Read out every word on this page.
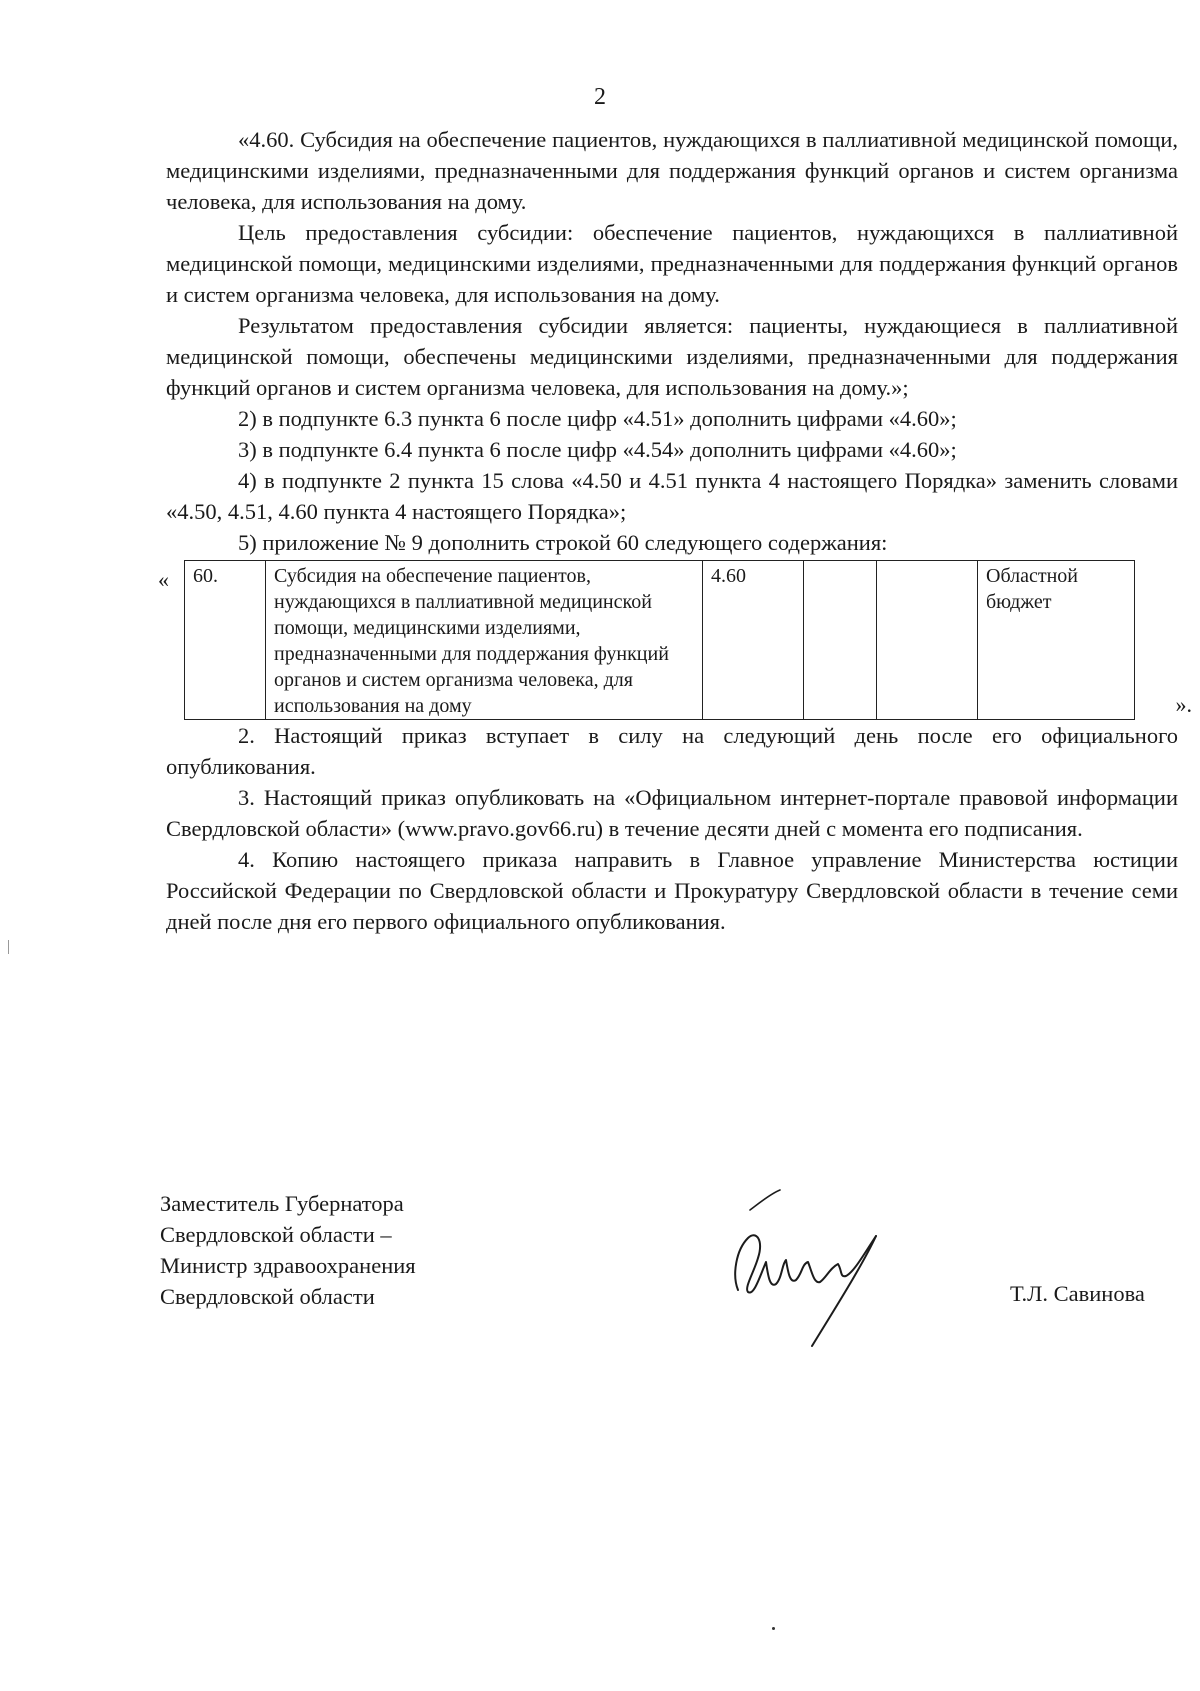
2

«4.60. Субсидия на обеспечение пациентов, нуждающихся в паллиативной медицинской помощи, медицинскими изделиями, предназначенными для поддержания функций органов и систем организма человека, для использования на дому.

Цель предоставления субсидии: обеспечение пациентов, нуждающихся в паллиативной медицинской помощи, медицинскими изделиями, предназначенными для поддержания функций органов и систем организма человека, для использования на дому.

Результатом предоставления субсидии является: пациенты, нуждающиеся в паллиативной медицинской помощи, обеспечены медицинскими изделиями, предназначенными для поддержания функций органов и систем организма человека, для использования на дому.»;

2) в подпункте 6.3 пункта 6 после цифр «4.51» дополнить цифрами «4.60»;

3) в подпункте 6.4 пункта 6 после цифр «4.54» дополнить цифрами «4.60»;

4) в подпункте 2 пункта 15 слова «4.50 и 4.51 пункта 4 настоящего Порядка» заменить словами «4.50, 4.51, 4.60 пункта 4 настоящего Порядка»;

5) приложение № 9 дополнить строкой 60 следующего содержания:

« 60.	Субсидия на обеспечение пациентов, нуждающихся в паллиативной медицинской помощи, медицинскими изделиями, предназначенными для поддержания функций органов и систем организма человека, для использования на дому	4.60			Областной бюджет
».

2. Настоящий приказ вступает в силу на следующий день после его официального опубликования.

3. Настоящий приказ опубликовать на «Официальном интернет-портале правовой информации Свердловской области» (www.pravo.gov66.ru) в течение десяти дней с момента его подписания.

4. Копию настоящего приказа направить в Главное управление Министерства юстиции Российской Федерации по Свердловской области и Прокуратуру Свердловской области в течение семи дней после дня его первого официального опубликования.

Заместитель Губернатора
Свердловской области –
Министр здравоохранения
Свердловской области	Т.Л. Савинова
